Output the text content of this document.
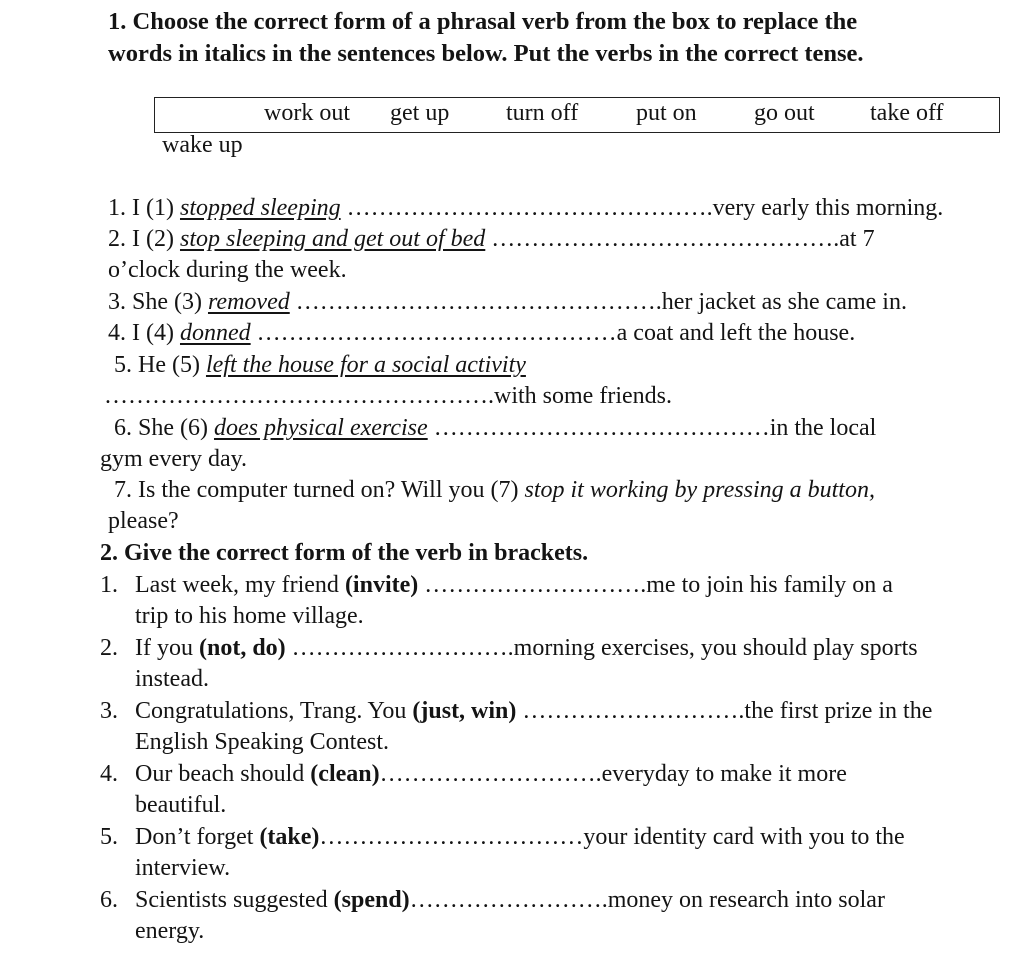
1. Choose the correct form of a phrasal verb from the box to replace the
words in italics in the sentences below. Put the verbs in the correct tense.
work out get up turn off put on go out take off
wake up
1. I (1) stopped sleeping ……………………………………….very early this morning.
2. I (2) stop sleeping and get out of bed ……………….…………………….at 7
o’clock during the week.
3. She (3) removed ……………………………………….her jacket as she came in.
4. I (4) donned ………………………………………a coat and left the house.
5. He (5) left the house for a social activity
………………………………………….with some friends.
6. She (6) does physical exercise ……………………………………in the local
gym every day.
7. Is the computer turned on? Will you (7) stop it working by pressing a button,
please?
2. Give the correct form of the verb in brackets.
1. Last week, my friend (invite) ……………………….me to join his family on a
trip to his home village.
2. If you (not, do) ……………………….morning exercises, you should play sports
instead.
3. Congratulations, Trang. You (just, win) ……………………….the first prize in the
English Speaking Contest.
4. Our beach should (clean)……………………….everyday to make it more
beautiful.
5. Don’t forget (take)……………………………your identity card with you to the
interview.
6. Scientists suggested (spend)…………………….money on research into solar
energy.
